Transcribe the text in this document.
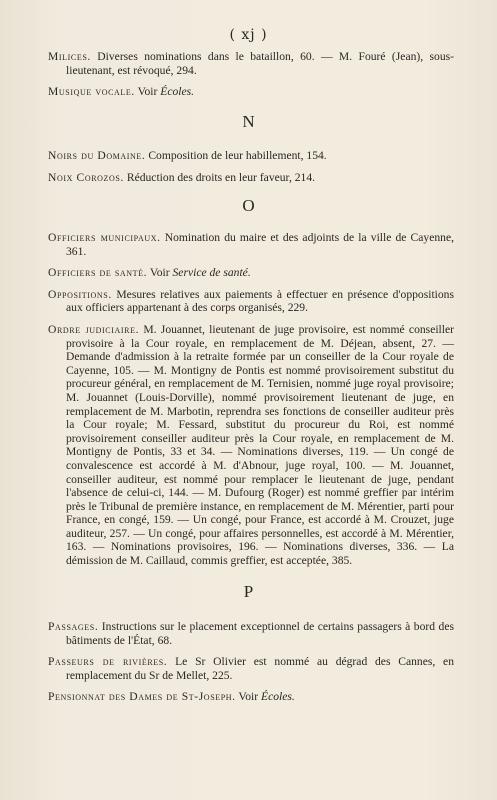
( xj )

Milices. Diverses nominations dans le bataillon, 60. — M. Fouré (Jean), sous-lieutenant, est révoqué, 294.

Musique vocale. Voir Écoles.

N

Noirs du Domaine. Composition de leur habillement, 154.

Noix Corozos. Réduction des droits en leur faveur, 214.

O

Officiers municipaux. Nomination du maire et des adjoints de la ville de Cayenne, 361.

Officiers de santé. Voir Service de santé.

Oppositions. Mesures relatives aux paiements à effectuer en présence d'oppositions aux officiers appartenant à des corps organisés, 229.

Ordre judiciaire. M. Jouannet, lieutenant de juge provisoire, est nommé conseiller provisoire à la Cour royale, en remplacement de M. Déjean, absent, 27. — Demande d'admission à la retraite formée par un conseiller de la Cour royale de Cayenne, 105. — M. Montigny de Pontis est nommé provisoirement substitut du procureur général, en remplacement de M. Ternisien, nommé juge royal provisoire; M. Jouannet (Louis-Dorville), nommé provisoirement lieutenant de juge, en remplacement de M. Marbotin, reprendra ses fonctions de conseiller auditeur près la Cour royale; M. Fessard, substitut du procureur du Roi, est nommé provisoirement conseiller auditeur près la Cour royale, en remplacement de M. Montigny de Pontis, 33 et 34. — Nominations diverses, 119. — Un congé de convalescence est accordé à M. d'Abnour, juge royal, 100. — M. Jouannet, conseiller auditeur, est nommé pour remplacer le lieutenant de juge, pendant l'absence de celui-ci, 144. — M. Dufourg (Roger) est nommé greffier par intérim près le Tribunal de première instance, en remplacement de M. Mérentier, parti pour France, en congé, 159. — Un congé, pour France, est accordé à M. Crouzet, juge auditeur, 257. — Un congé, pour affaires personnelles, est accordé à M. Mérentier, 163. — Nominations provisoires, 196. — Nominations diverses, 336. — La démission de M. Caillaud, commis greffier, est acceptée, 385.

P

Passages. Instructions sur le placement exceptionnel de certains passagers à bord des bâtiments de l'État, 68.

Passeurs de rivières. Le Sr Olivier est nommé au dégrad des Cannes, en remplacement du Sr de Mellet, 225.

Pensionnat des Dames de St-Joseph. Voir Écoles.
